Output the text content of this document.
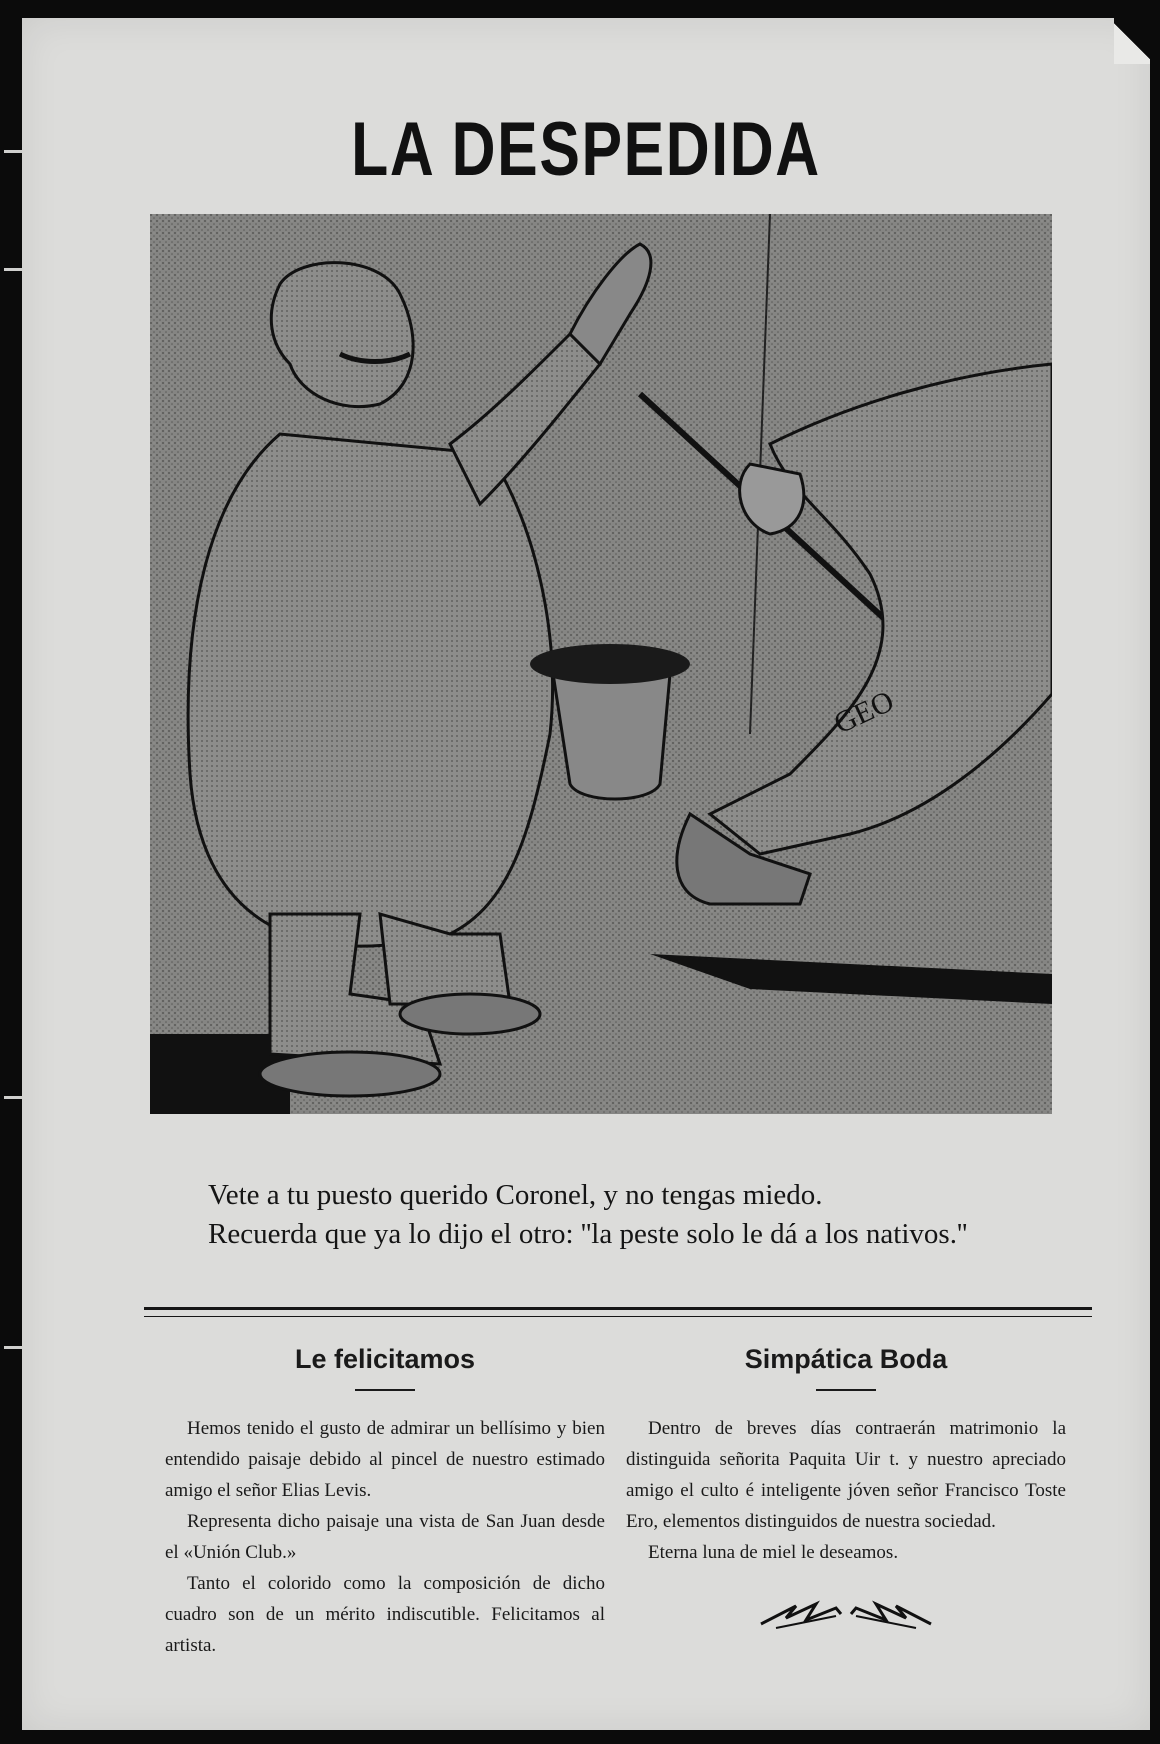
LA DESPEDIDA
GEO

Vete a tu puesto querido Coronel, y no tengas miedo.

Recuerda que ya lo dijo el otro: ''la peste solo le dá a los nativos.''

Le felicitamos

Hemos tenido el gusto de admirar un bellísimo y bien entendido paisaje debido al pincel de nuestro estimado amigo el señor Elias Levis.

Representa dicho paisaje una vista de San Juan desde el «Unión Club.»

Tanto el colorido como la composición de dicho cuadro son de un mérito indiscutible. Felicitamos al artista.

Simpática Boda

Dentro de breves días contraerán matrimonio la distinguida señorita Paquita Uir t. y nuestro apreciado amigo el culto é inteligente jóven señor Francisco Toste Ero, elementos distinguidos de nuestra sociedad.

Eterna luna de miel le deseamos.
